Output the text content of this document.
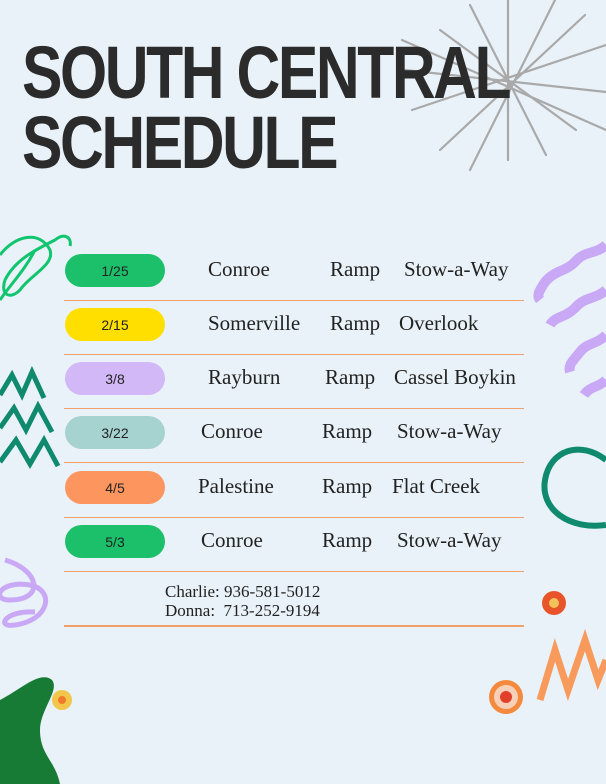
SOUTH CENTRAL
SCHEDULE
1/25	Conroe	Ramp Stow-a-Way
2/15	Somerville Ramp Overlook
3/8	Rayburn Ramp Cassel Boykin
3/22	Conroe	Ramp Stow-a-Way
4/5	Palestine Ramp Flat Creek
5/3	Conroe	Ramp Stow-a-Way
Charlie: 936-581-5012
Donna:  713-252-9194
